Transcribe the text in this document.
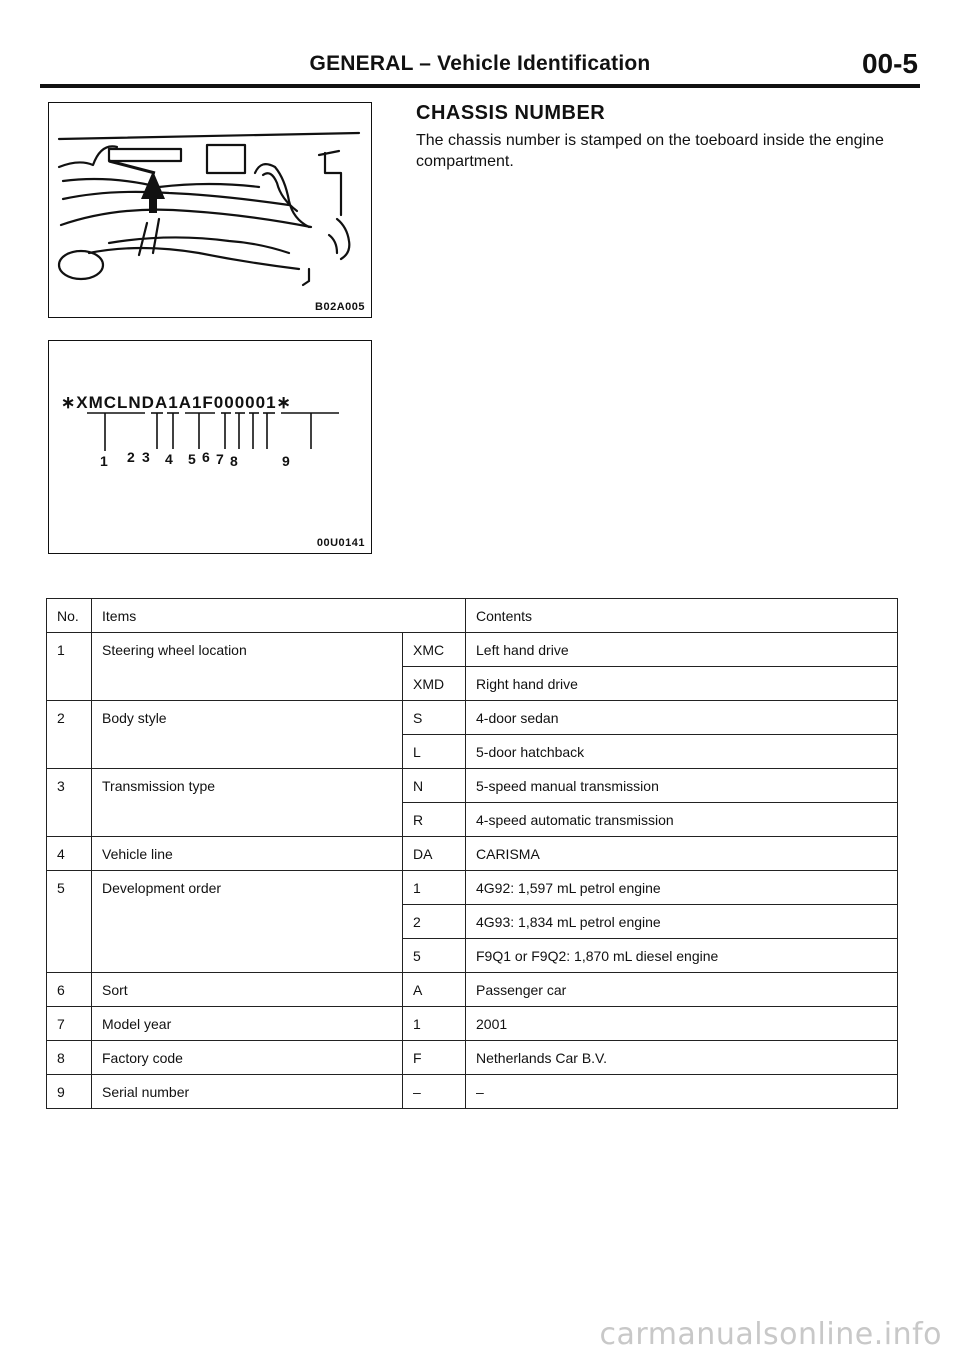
GENERAL – Vehicle Identification	00-5
B02A005
∗XMCLNDA1A1F000001∗
1 2 3 4 5 6 7 8	9
00U0141
CHASSIS NUMBER
The chassis number is stamped on the toeboard inside the engine compartment.
No.	Items		Contents
1	Steering wheel location	XMC	Left hand drive
		XMD	Right hand drive
2	Body style	S	4-door sedan
		L	5-door hatchback
3	Transmission type	N	5-speed manual transmission
		R	4-speed automatic transmission
4	Vehicle line	DA	CARISMA
5	Development order	1	4G92: 1,597 mL petrol engine
		2	4G93: 1,834 mL petrol engine
		5	F9Q1 or F9Q2: 1,870 mL diesel engine
6	Sort	A	Passenger car
7	Model year	1	2001
8	Factory code	F	Netherlands Car B.V.
9	Serial number	–	–
carmanualsonline.info
